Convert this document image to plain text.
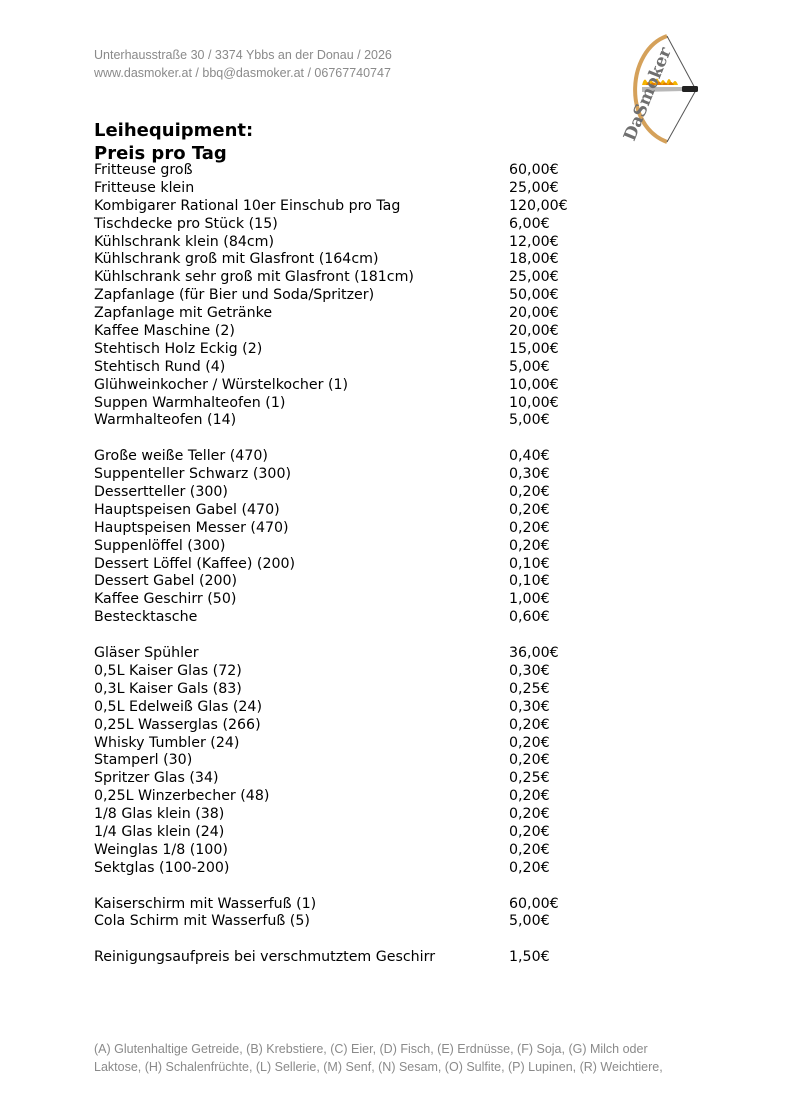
Unterhausstraße 30 / 3374 Ybbs an der Donau / 2026
www.dasmoker.at / bbq@dasmoker.at / 06767740747	DaSmoker
Leihequipment:
Preis pro Tag
Fritteuse groß	60,00€
Fritteuse klein	25,00€
Kombigarer Rational 10er Einschub pro Tag	120,00€
Tischdecke pro Stück (15)	6,00€
Kühlschrank klein (84cm)	12,00€
Kühlschrank groß mit Glasfront (164cm)	18,00€
Kühlschrank sehr groß mit Glasfront (181cm)	25,00€
Zapfanlage (für Bier und Soda/Spritzer)	50,00€
Zapfanlage mit Getränke	20,00€
Kaffee Maschine (2)	20,00€
Stehtisch Holz Eckig (2)	15,00€
Stehtisch Rund (4)	5,00€
Glühweinkocher / Würstelkocher (1)	10,00€
Suppen Warmhalteofen (1)	10,00€
Warmhalteofen (14)	5,00€
Große weiße Teller (470)	0,40€
Suppenteller Schwarz (300)	0,30€
Dessertteller (300)	0,20€
Hauptspeisen Gabel (470)	0,20€
Hauptspeisen Messer (470)	0,20€
Suppenlöffel (300)	0,20€
Dessert Löffel (Kaffee) (200)	0,10€
Dessert Gabel (200)	0,10€
Kaffee Geschirr (50)	1,00€
Bestecktasche	0,60€
Gläser Spühler	36,00€
0,5L Kaiser Glas (72)	0,30€
0,3L Kaiser Gals (83)	0,25€
0,5L Edelweiß Glas (24)	0,30€
0,25L Wasserglas (266)	0,20€
Whisky Tumbler (24)	0,20€
Stamperl (30)	0,20€
Spritzer Glas (34)	0,25€
0,25L Winzerbecher (48)	0,20€
1/8 Glas klein (38)	0,20€
1/4 Glas klein (24)	0,20€
Weinglas 1/8 (100)	0,20€
Sektglas (100-200)	0,20€
Kaiserschirm mit Wasserfuß (1)	60,00€
Cola Schirm mit Wasserfuß (5)	5,00€
Reinigungsaufpreis bei verschmutztem Geschirr	1,50€
(A) Glutenhaltige Getreide, (B) Krebstiere, (C) Eier, (D) Fisch, (E) Erdnüsse, (F) Soja, (G) Milch oder
Laktose, (H) Schalenfrüchte, (L) Sellerie, (M) Senf, (N) Sesam, (O) Sulfite, (P) Lupinen, (R) Weichtiere,
